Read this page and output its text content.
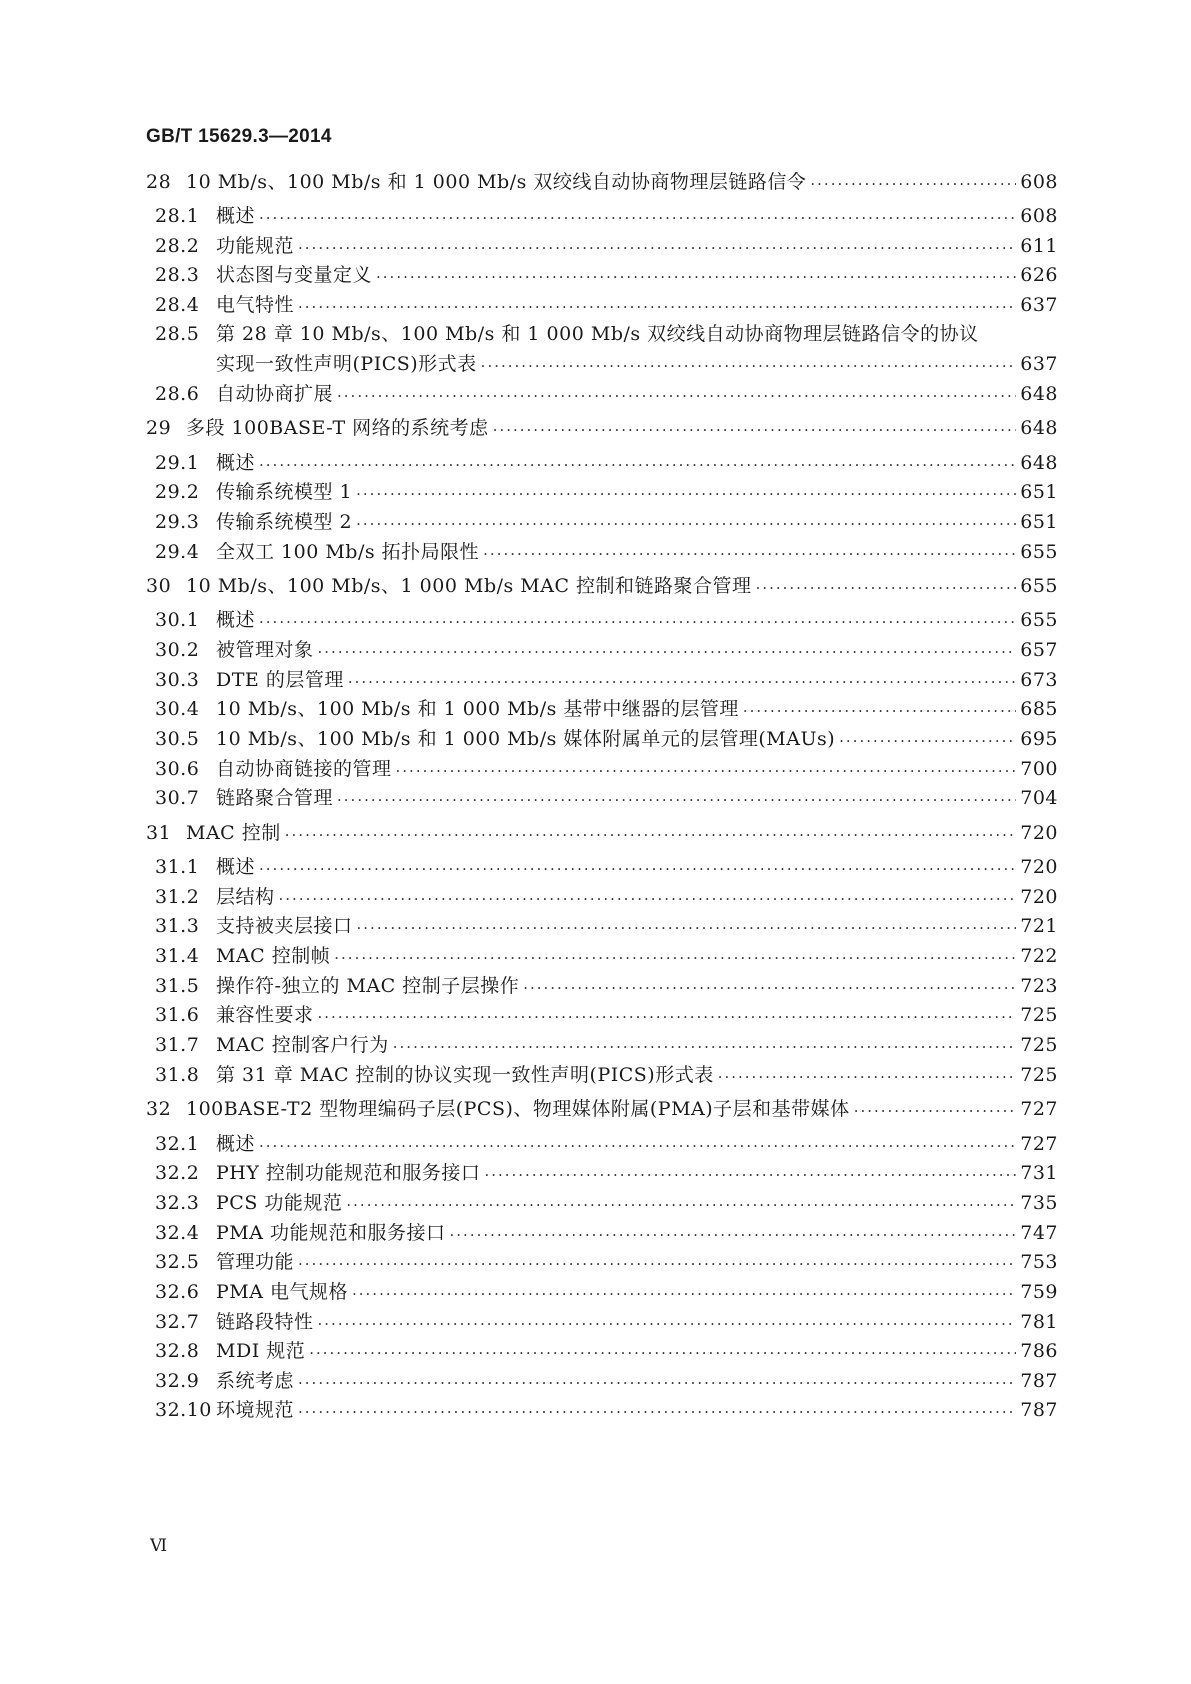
GB/T 15629.3—2014
28 10 Mb/s、100 Mb/s 和 1 000 Mb/s 双绞线自动协商物理层链路信令 ·····	608
28.1 概述 ·····	608
28.2 功能规范 ·····	611
28.3 状态图与变量定义 ·····	626
28.4 电气特性 ·····	637
28.5 第 28 章 10 Mb/s、100 Mb/s 和 1 000 Mb/s 双绞线自动协商物理层链路信令的协议
实现一致性声明(PICS)形式表 ·····	637
28.6 自动协商扩展 ·····	648
29 多段 100BASE-T 网络的系统考虑 ·····	648
29.1 概述 ·····	648
29.2 传输系统模型 1 ·····	651
29.3 传输系统模型 2 ·····	651
29.4 全双工 100 Mb/s 拓扑局限性 ·····	655
30 10 Mb/s、100 Mb/s、1 000 Mb/s MAC 控制和链路聚合管理 ·····	655
30.1 概述 ·····	655
30.2 被管理对象 ·····	657
30.3 DTE 的层管理 ·····	673
30.4 10 Mb/s、100 Mb/s 和 1 000 Mb/s 基带中继器的层管理 ·····	685
30.5 10 Mb/s、100 Mb/s 和 1 000 Mb/s 媒体附属单元的层管理(MAUs) ·····	695
30.6 自动协商链接的管理 ·····	700
30.7 链路聚合管理 ·····	704
31 MAC 控制 ·····	720
31.1 概述 ·····	720
31.2 层结构 ·····	720
31.3 支持被夹层接口 ·····	721
31.4 MAC 控制帧 ·····	722
31.5 操作符-独立的 MAC 控制子层操作 ·····	723
31.6 兼容性要求 ·····	725
31.7 MAC 控制客户行为 ·····	725
31.8 第 31 章 MAC 控制的协议实现一致性声明(PICS)形式表 ·····	725
32 100BASE-T2 型物理编码子层(PCS)、物理媒体附属(PMA)子层和基带媒体 ·····	727
32.1 概述 ·····	727
32.2 PHY 控制功能规范和服务接口 ·····	731
32.3 PCS 功能规范 ·····	735
32.4 PMA 功能规范和服务接口 ·····	747
32.5 管理功能 ·····	753
32.6 PMA 电气规格 ·····	759
32.7 链路段特性 ·····	781
32.8 MDI 规范 ·····	786
32.9 系统考虑 ·····	787
32.10 环境规范 ·····	787
Ⅵ
